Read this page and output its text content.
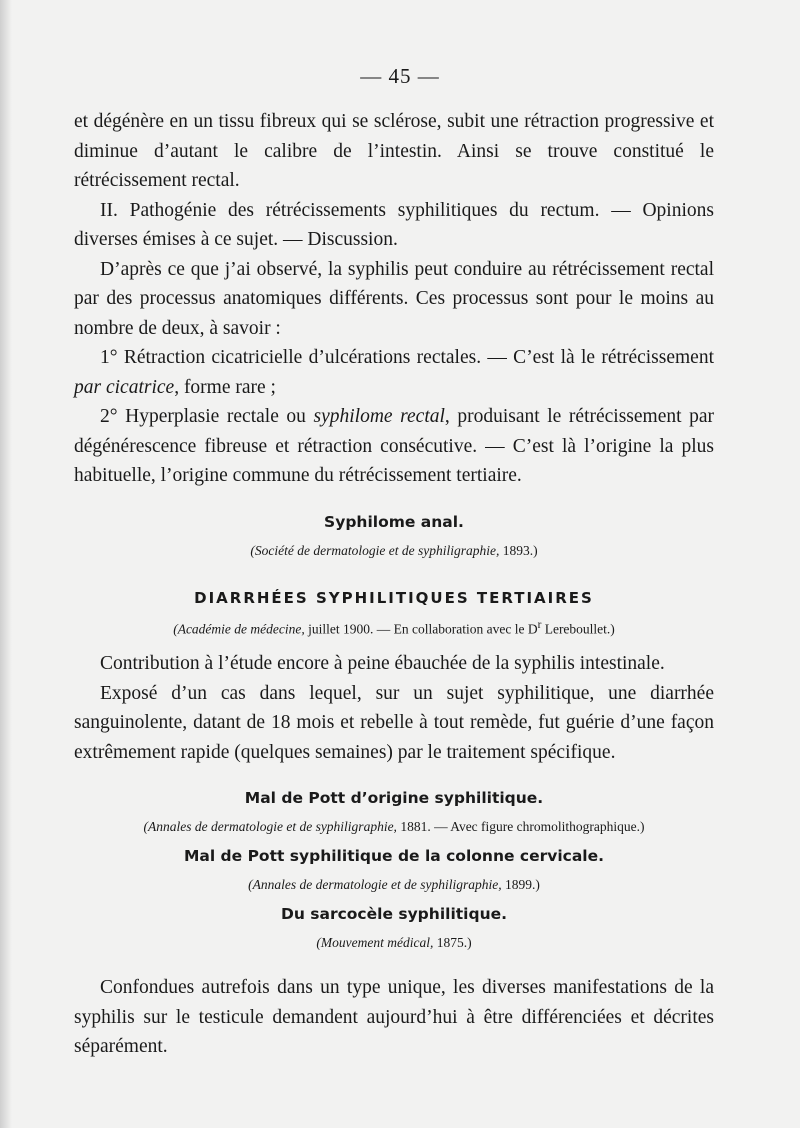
— 45 —

et dégénère en un tissu fibreux qui se sclérose, subit une rétraction progressive et diminue d’autant le calibre de l’intestin. Ainsi se trouve constitué le rétrécissement rectal.

II. Pathogénie des rétrécissements syphilitiques du rectum. — Opinions diverses émises à ce sujet. — Discussion.

D’après ce que j’ai observé, la syphilis peut conduire au rétrécissement rectal par des processus anatomiques différents. Ces processus sont pour le moins au nombre de deux, à savoir :

1° Rétraction cicatricielle d’ulcérations rectales. — C’est là le rétrécissement par cicatrice, forme rare ;

2° Hyperplasie rectale ou syphilome rectal, produisant le rétrécissement par dégénérescence fibreuse et rétraction consécutive. — C’est là l’origine la plus habituelle, l’origine commune du rétrécissement tertiaire.

Syphilome anal.

(Société de dermatologie et de syphiligraphie, 1893.)

DIARRHÉES SYPHILITIQUES TERTIAIRES

(Académie de médecine, juillet 1900. — En collaboration avec le $D^r$ Lereboullet.)

Contribution à l’étude encore à peine ébauchée de la syphilis intestinale.

Exposé d’un cas dans lequel, sur un sujet syphilitique, une diarrhée sanguinolente, datant de 18 mois et rebelle à tout remède, fut guérie d’une façon extrêmement rapide (quelques semaines) par le traitement spécifique.

Mal de Pott d’origine syphilitique.

(Annales de dermatologie et de syphiligraphie, 1881. — Avec figure chromolithographique.)

Mal de Pott syphilitique de la colonne cervicale.

(Annales de dermatologie et de syphiligraphie, 1899.)

Du sarcocèle syphilitique.

(Mouvement médical, 1875.)

Confondues autrefois dans un type unique, les diverses manifestations de la syphilis sur le testicule demandent aujourd’hui à être différenciées et décrites séparément.
